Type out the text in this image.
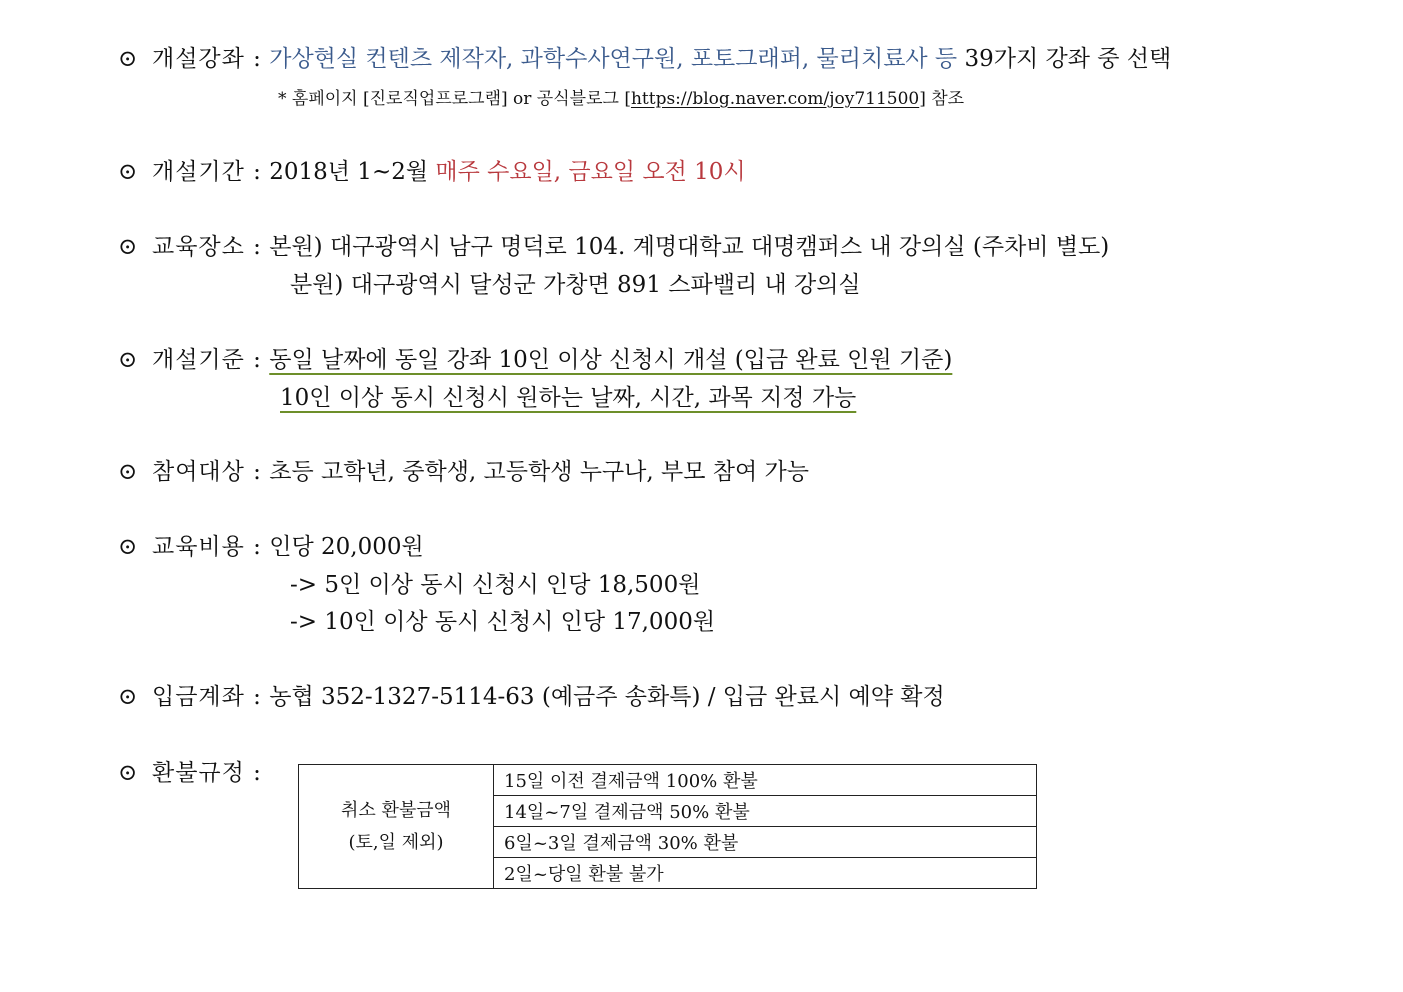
⊙ 개설강좌 : 가상현실 컨텐츠 제작자, 과학수사연구원, 포토그래퍼, 물리치료사 등 39가지 강좌 중 선택
* 홈페이지 [진로직업프로그램] or 공식블로그 [https://blog.naver.com/joy711500] 참조
⊙ 개설기간 : 2018년 1~2월 매주 수요일, 금요일 오전 10시
⊙ 교육장소 : 본원) 대구광역시 남구 명덕로 104. 계명대학교 대명캠퍼스 내 강의실 (주차비 별도)
분원) 대구광역시 달성군 가창면 891 스파밸리 내 강의실
⊙ 개설기준 : 동일 날짜에 동일 강좌 10인 이상 신청시 개설 (입금 완료 인원 기준)
10인 이상 동시 신청시 원하는 날짜, 시간, 과목 지정 가능
⊙ 참여대상 : 초등 고학년, 중학생, 고등학생 누구나, 부모 참여 가능
⊙ 교육비용 : 인당 20,000원
-> 5인 이상 동시 신청시 인당 18,500원
-> 10인 이상 동시 신청시 인당 17,000원
⊙ 입금계좌 : 농협 352-1327-5114-63 (예금주 송화특) / 입금 완료시 예약 확정
⊙ 환불규정 :
취소 환불금액
(토,일 제외)
	15일 이전 결제금액 100% 환불
14일~7일 결제금액 50% 환불
6일~3일 결제금액 30% 환불
2일~당일 환불 불가
